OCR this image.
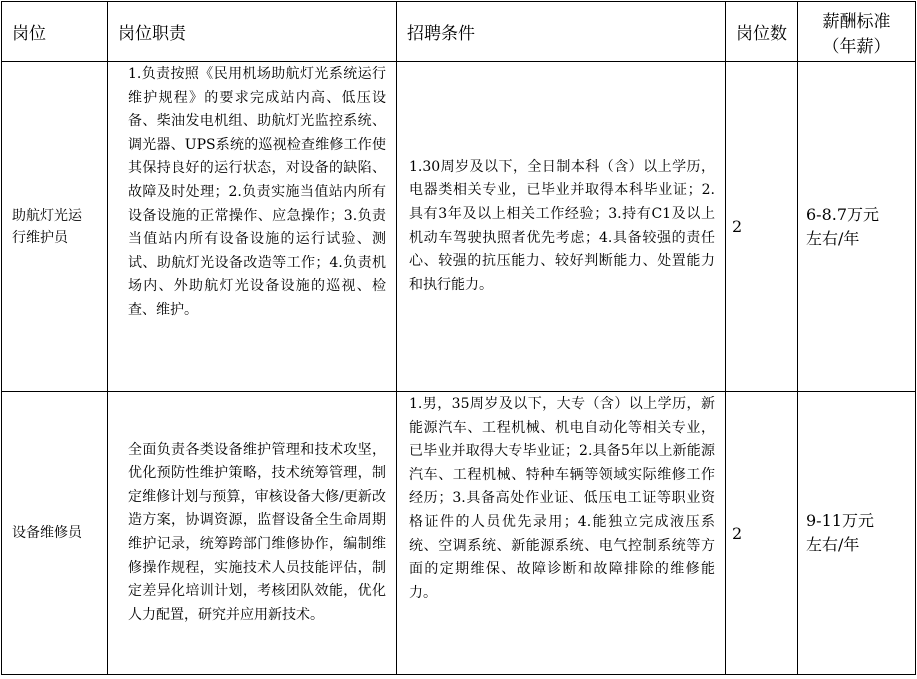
岗位	岗位职责	招聘条件	岗位数	薪酬标准
（年薪）

助航灯光运
行维护员	1.负责按照《民用机场助航灯光系统运行维护规程》的要求完成站内高、低压设备、柴油发电机组、助航灯光监控系统、调光器、UPS系统的巡视检查维修工作使其保持良好的运行状态，对设备的缺陷、故障及时处理；2.负责实施当值站内所有设备设施的正常操作、应急操作；3.负责当值站内所有设备设施的运行试验、测试、助航灯光设备改造等工作；4.负责机场内、外助航灯光设备设施的巡视、检查、维护。	1.30周岁及以下，全日制本科（含）以上学历，电器类相关专业，已毕业并取得本科毕业证；2.具有3年及以上相关工作经验；3.持有C1及以上机动车驾驶执照者优先考虑；4.具备较强的责任心、较强的抗压能力、较好判断能力、处置能力和执行能力。	2	6-8.7万元
左右/年

设备维修员	全面负责各类设备维护管理和技术攻坚，优化预防性维护策略，技术统筹管理，制定维修计划与预算，审核设备大修/更新改造方案，协调资源，监督设备全生命周期维护记录，统筹跨部门维修协作，编制维修操作规程，实施技术人员技能评估，制定差异化培训计划，考核团队效能，优化人力配置，研究并应用新技术。	1.男，35周岁及以下，大专（含）以上学历，新能源汽车、工程机械、机电自动化等相关专业，已毕业并取得大专毕业证；2.具备5年以上新能源汽车、工程机械、特种车辆等领域实际维修工作经历；3.具备高处作业证、低压电工证等职业资格证件的人员优先录用；4.能独立完成液压系统、空调系统、新能源系统、电气控制系统等方面的定期维保、故障诊断和故障排除的维修能力。	2	9-11万元
左右/年
